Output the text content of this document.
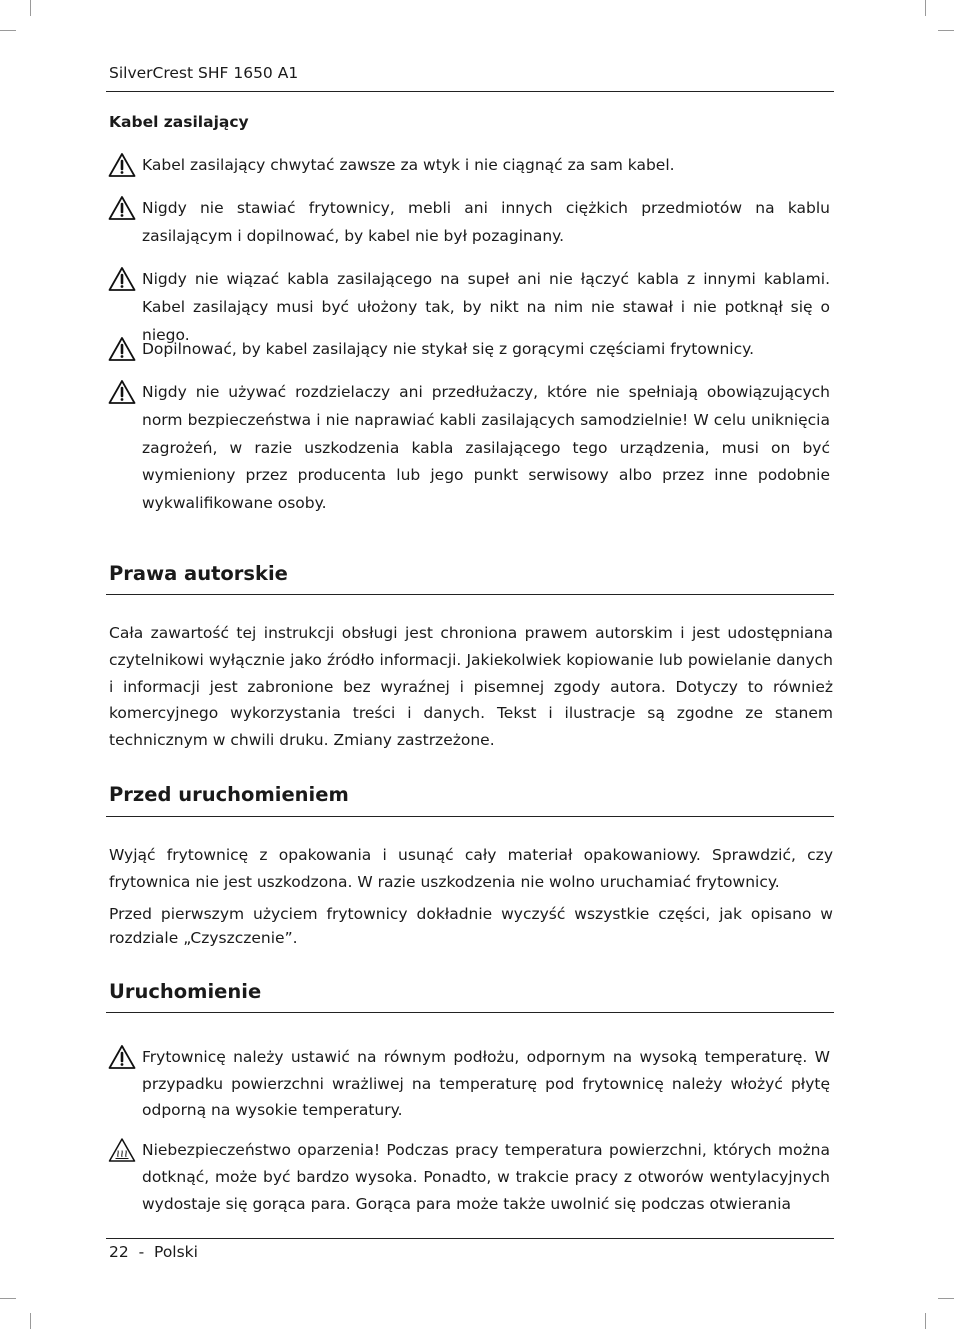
SilverCrest SHF 1650 A1
Kabel zasilający

Kabel zasilający chwytać zawsze za wtyk i nie ciągnąć za sam kabel.

Nigdy nie stawiać frytownicy, mebli ani innych ciężkich przedmiotów na kablu zasilającym i dopilnować, by kabel nie był pozaginany.

Nigdy nie wiązać kabla zasilającego na supeł ani nie łączyć kabla z innymi kablami. Kabel zasilający musi być ułożony tak, by nikt na nim nie stawał i nie potknął się o niego.

Dopilnować, by kabel zasilający nie stykał się z gorącymi częściami frytownicy.

Nigdy nie używać rozdzielaczy ani przedłużaczy, które nie spełniają obowiązujących norm bezpieczeństwa i nie naprawiać kabli zasilających samodzielnie! W celu uniknięcia zagrożeń, w razie uszkodzenia kabla zasilającego tego urządzenia, musi on być wymieniony przez producenta lub jego punkt serwisowy albo przez inne podobnie wykwalifikowane osoby.

Prawa autorskie

Cała zawartość tej instrukcji obsługi jest chroniona prawem autorskim i jest udostępniana czytelnikowi wyłącznie jako źródło informacji. Jakiekolwiek kopiowanie lub powielanie danych i informacji jest zabronione bez wyraźnej i pisemnej zgody autora. Dotyczy to również komercyjnego wykorzystania treści i danych. Tekst i ilustracje są zgodne ze stanem technicznym w chwili druku. Zmiany zastrzeżone.

Przed uruchomieniem

Wyjąć frytownicę z opakowania i usunąć cały materiał opakowaniowy. Sprawdzić, czy frytownica nie jest uszkodzona. W razie uszkodzenia nie wolno uruchamiać frytownicy.

Przed pierwszym użyciem frytownicy dokładnie wyczyść wszystkie części, jak opisano w rozdziale „Czyszczenie”.

Uruchomienie

Frytownicę należy ustawić na równym podłożu, odpornym na wysoką temperaturę. W przypadku powierzchni wrażliwej na temperaturę pod frytownicę należy włożyć płytę odporną na wysokie temperatury.

Niebezpieczeństwo oparzenia! Podczas pracy temperatura powierzchni, których można dotknąć, może być bardzo wysoka. Ponadto, w trakcie pracy z otworów wentylacyjnych wydostaje się gorąca para. Gorąca para może także uwolnić się podczas otwierania

22  -  Polski
